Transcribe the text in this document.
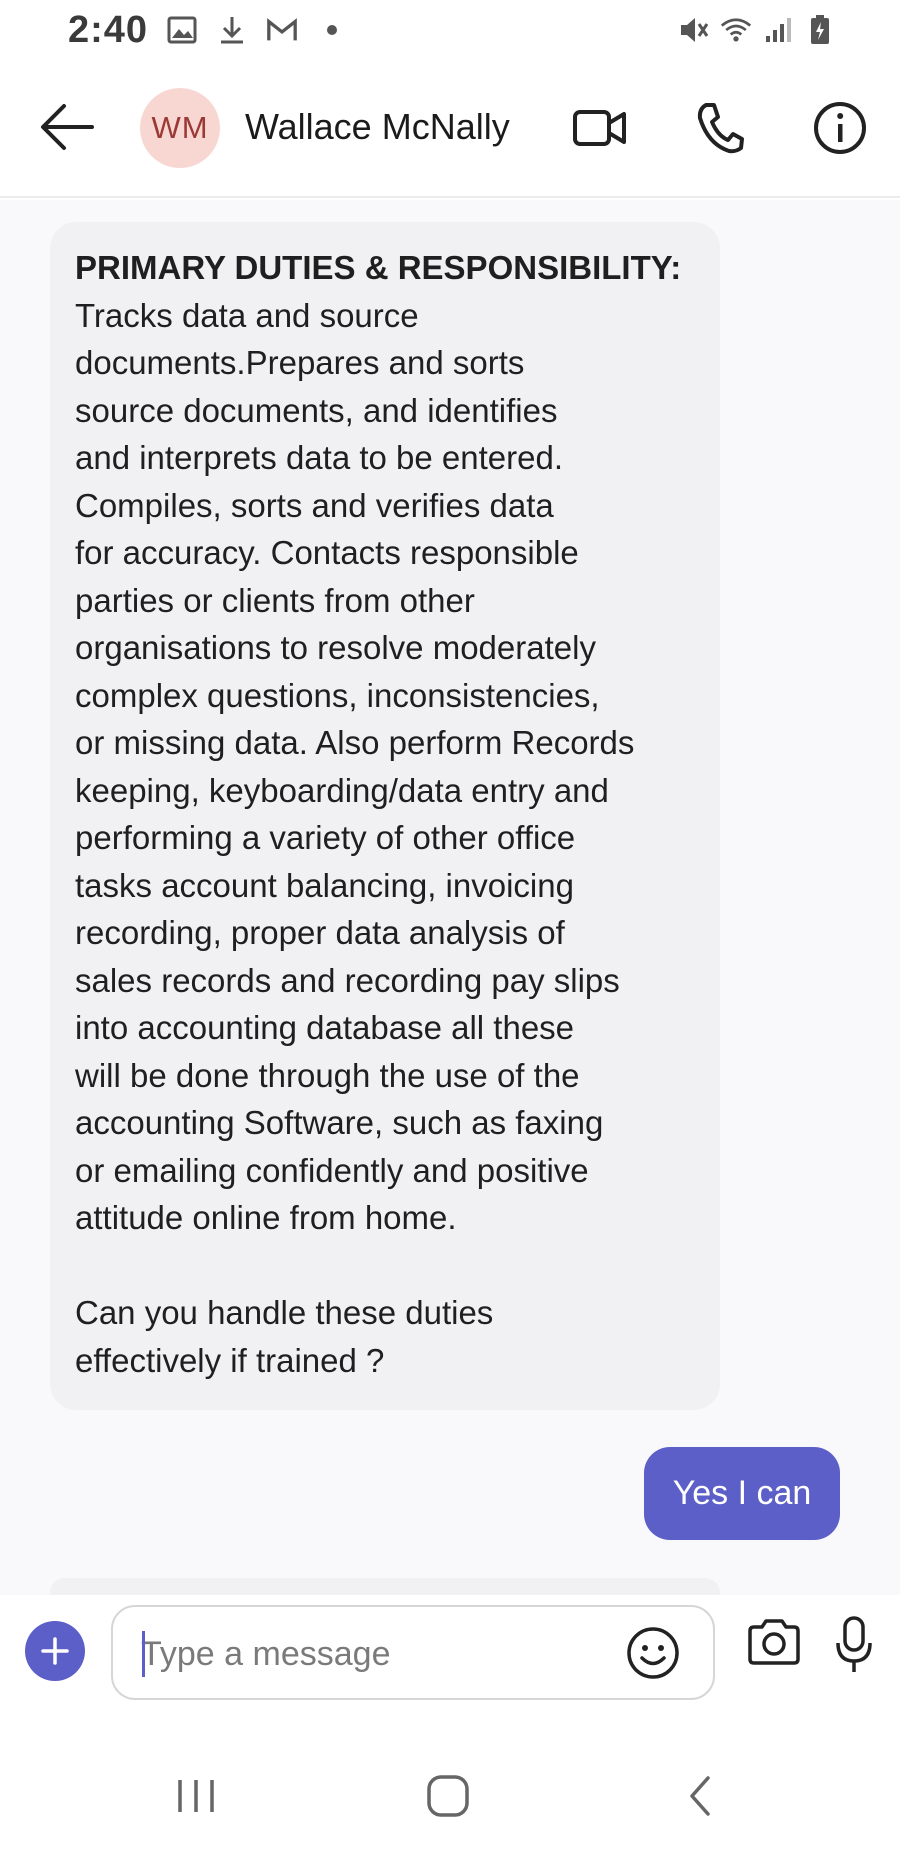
2:40
WM	Wallace McNally
PRIMARY DUTIES & RESPONSIBILITY:
Tracks data and source
documents.Prepares and sorts
source documents, and identifies
and interprets data to be entered.
Compiles, sorts and verifies data
for accuracy. Contacts responsible
parties or clients from other
organisations to resolve moderately
complex questions, inconsistencies,
or missing data. Also perform Records
keeping, keyboarding/data entry and
performing a variety of other office
tasks account balancing, invoicing
recording, proper data analysis of
sales records and recording pay slips
into accounting database all these
will be done through the use of the
accounting Software, such as faxing
or emailing confidently and positive
attitude online from home.

Can you handle these duties
effectively if trained ?
Yes I can
Type a message
